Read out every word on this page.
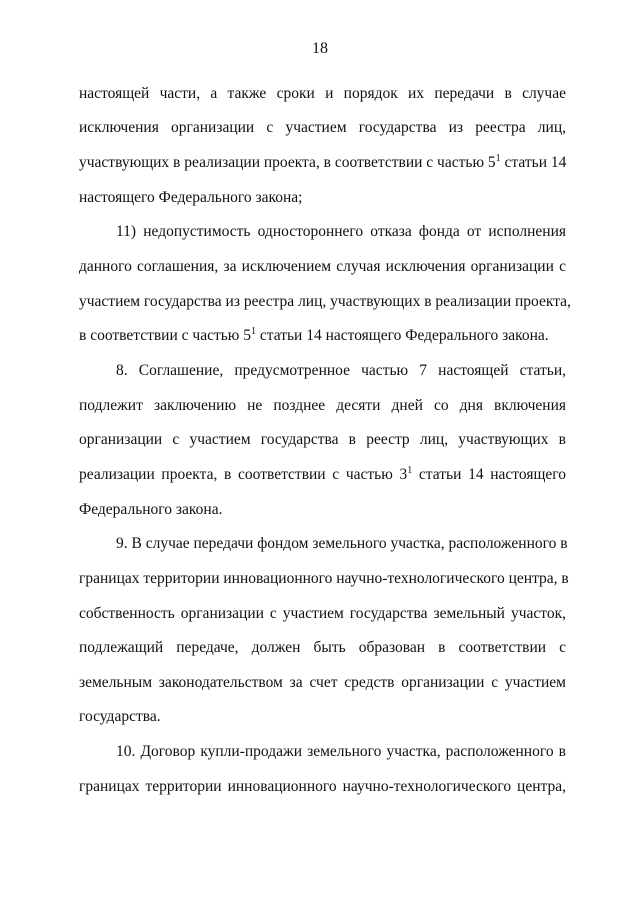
18
настоящей части, а также сроки и порядок их передачи в случае
исключения организации с участием государства из реестра лиц,
участвующих в реализации проекта, в соответствии с частью $5^1$ статьи 14
настоящего Федерального закона;
11) недопустимость одностороннего отказа фонда от исполнения
данного соглашения, за исключением случая исключения организации с
участием государства из реестра лиц, участвующих в реализации проекта,
в соответствии с частью $5^1$ статьи 14 настоящего Федерального закона.
8. Соглашение, предусмотренное частью 7 настоящей статьи,
подлежит заключению не позднее десяти дней со дня включения
организации с участием государства в реестр лиц, участвующих в
реализации проекта, в соответствии с частью $3^1$ статьи 14 настоящего
Федерального закона.
9. В случае передачи фондом земельного участка, расположенного в
границах территории инновационного научно-технологического центра, в
собственность организации с участием государства земельный участок,
подлежащий передаче, должен быть образован в соответствии с
земельным законодательством за счет средств организации с участием
государства.
10. Договор купли-продажи земельного участка, расположенного в
границах территории инновационного научно-технологического центра,
